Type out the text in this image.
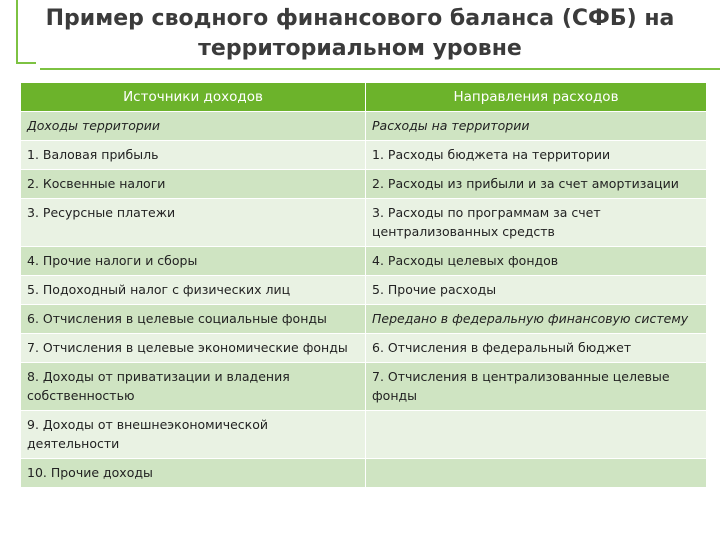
Пример сводного финансового баланса (СФБ) на территориальном уровне
Источники доходов	Направления расходов
Доходы территории	Расходы на территории
1. Валовая прибыль	1. Расходы бюджета на территории
2. Косвенные налоги	2. Расходы из прибыли и за счет амортизации
3. Ресурсные платежи	3. Расходы по программам за счет централизованных средств
4. Прочие налоги и сборы	4. Расходы целевых фондов
5. Подоходный налог с физических лиц	5. Прочие расходы
6. Отчисления в целевые социальные фонды	Передано в федеральную финансовую систему
7. Отчисления в целевые экономические фонды	6. Отчисления в федеральный бюджет
8. Доходы от приватизации и владения собственностью	7. Отчисления в централизованные целевые фонды
9. Доходы от внешнеэкономической деятельности	
10. Прочие доходы	
